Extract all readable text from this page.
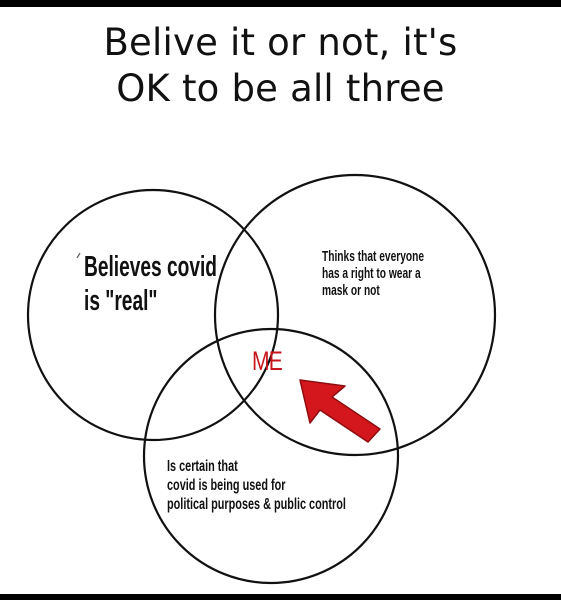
Belive it or not, it's
OK to be all three
Believes covid
is "real"
Thinks that everyone
has a right to wear a
mask or not
Is certain that
covid is being used for
political purposes & public control
ME
